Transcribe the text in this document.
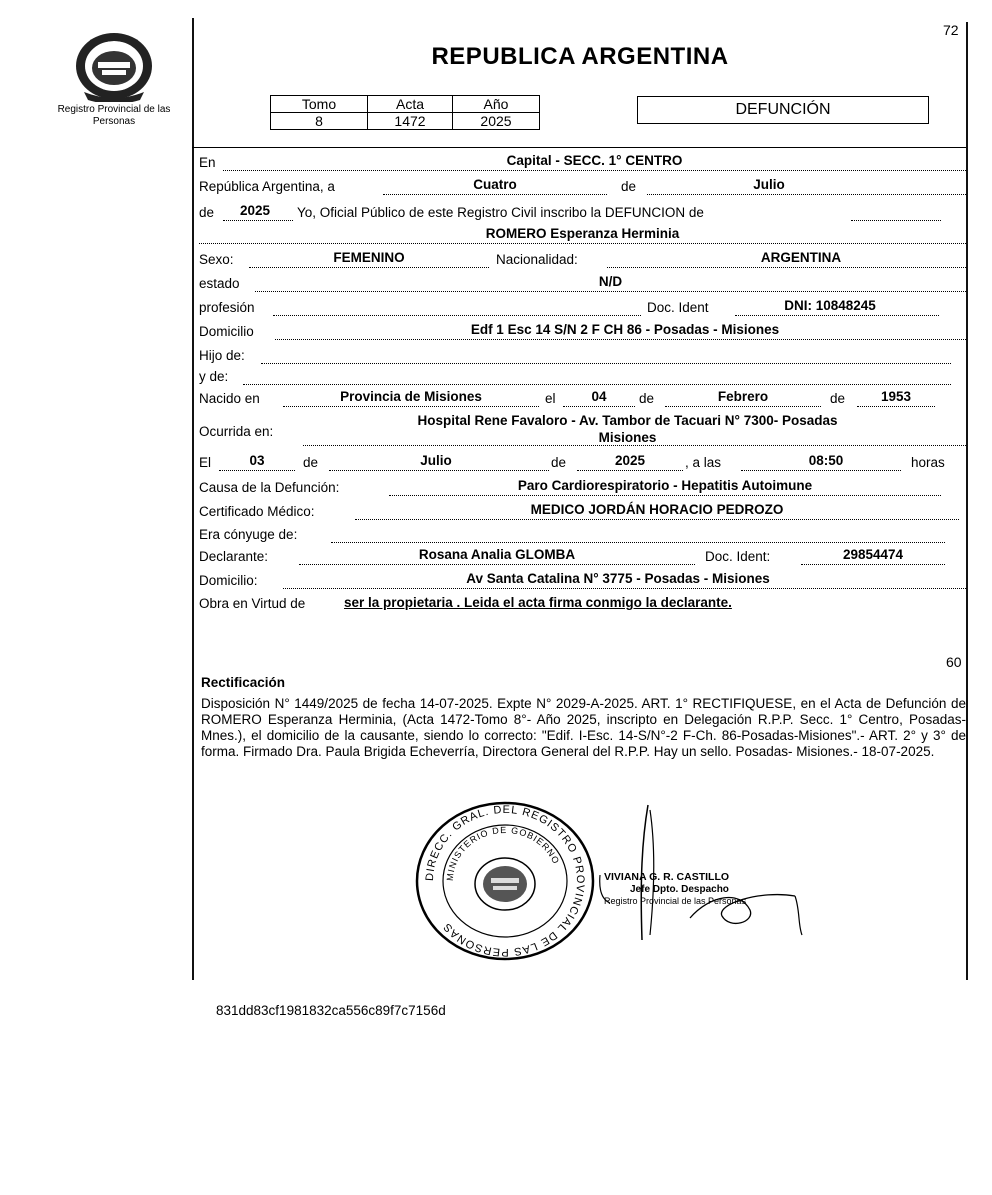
72
60
Registro Provincial de las Personas
REPUBLICA ARGENTINA
Tomo	Acta	Año
8	1472	2025
DEFUNCIÓN
En	Capital - SECC. 1° CENTRO
República Argentina, a	Cuatro	de	Julio
de	2025	Yo, Oficial Público de este Registro Civil inscribo la DEFUNCION de
ROMERO Esperanza Herminia
Sexo:	FEMENINO	Nacionalidad:	ARGENTINA
estado	N/D
profesión	Doc. Ident	DNI: 10848245
Domicilio	Edf 1 Esc 14 S/N 2 F CH 86 - Posadas - Misiones
Hijo de:
y de:
Nacido en	Provincia de Misiones	el	04	de	Febrero	de	1953
Ocurrida en:
Hospital Rene Favaloro - Av. Tambor de Tacuari N° 7300- Posadas
Misiones
El	03	de	Julio	de	2025	, a las	08:50	horas
Causa de la Defunción:	Paro Cardiorespiratorio - Hepatitis Autoimune
Certificado Médico:	MEDICO JORDÁN HORACIO PEDROZO
Era cónyuge de:
Declarante:	Rosana Analia GLOMBA	Doc. Ident:	29854474
Domicilio:	Av Santa Catalina N° 3775 - Posadas - Misiones
Obra en Virtud de	ser la propietaria . Leida el acta firma conmigo la declarante.
Rectificación
Disposición N° 1449/2025 de fecha 14-07-2025. Expte N° 2029-A-2025. ART. 1° RECTIFIQUESE, en el Acta de Defunción de ROMERO Esperanza Herminia, (Acta 1472-Tomo 8°- Año 2025, inscripto en Delegación R.P.P. Secc. 1° Centro, Posadas-Mnes.), el domicilio de la causante, siendo lo correcto: "Edif. I-Esc. 14-S/N°-2 F-Ch. 86-Posadas-Misiones".- ART. 2° y 3° de forma. Firmado Dra. Paula Brigida Echeverría, Directora General del R.P.P. Hay un sello. Posadas- Misiones.- 18-07-2025.
DIRECC. GRAL. DEL REGISTRO PROVINCIAL DE LAS PERSONAS
MINISTERIO DE GOBIERNO
VIVIANA G. R. CASTILLO
Jefe Dpto. Despacho
Registro Provincial de las Personas
831dd83cf1981832ca556c89f7c7156d
